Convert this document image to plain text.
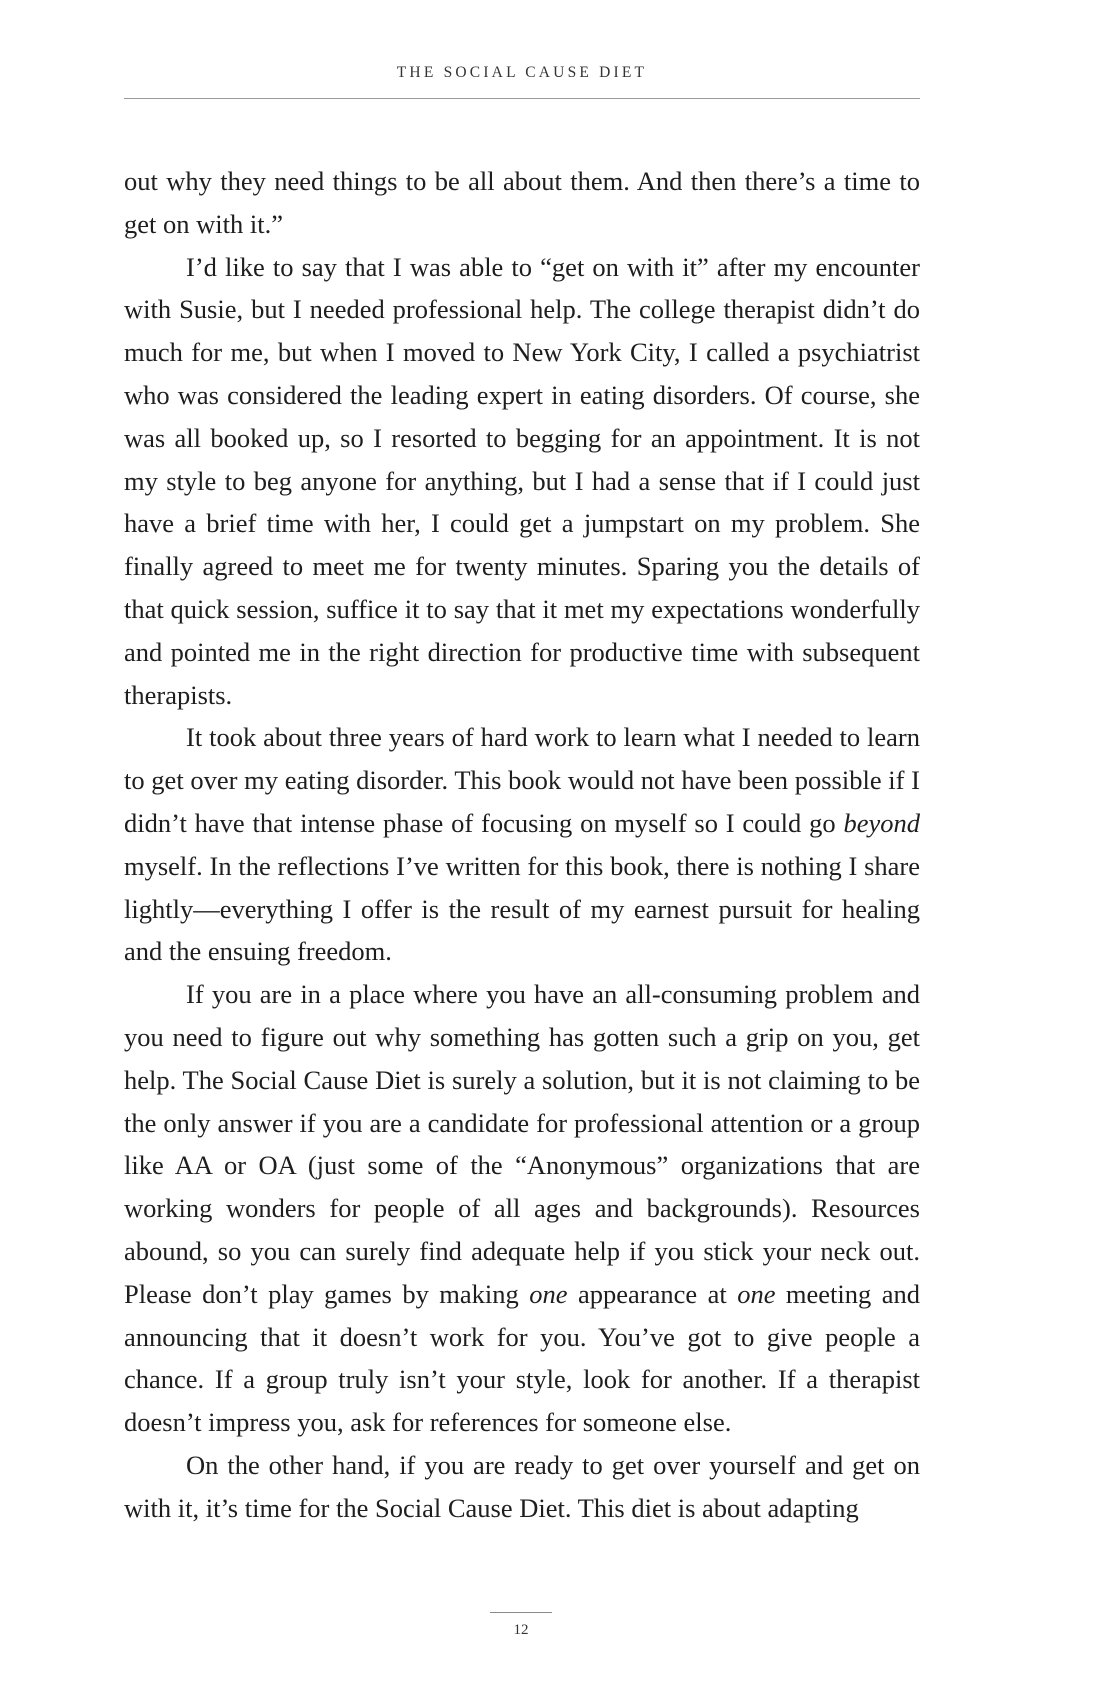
THE SOCIAL CAUSE DIET

out why they need things to be all about them. And then there’s a time to get on with it.”

I’d like to say that I was able to “get on with it” after my encounter with Susie, but I needed professional help. The college therapist didn’t do much for me, but when I moved to New York City, I called a psychiatrist who was considered the leading expert in eating disorders. Of course, she was all booked up, so I resorted to begging for an appointment. It is not my style to beg anyone for anything, but I had a sense that if I could just have a brief time with her, I could get a jumpstart on my problem. She finally agreed to meet me for twenty minutes. Sparing you the details of that quick session, suffice it to say that it met my expectations wonderfully and pointed me in the right direction for productive time with subsequent therapists.

It took about three years of hard work to learn what I needed to learn to get over my eating disorder. This book would not have been possible if I didn’t have that intense phase of focusing on myself so I could go beyond myself. In the reflections I’ve written for this book, there is nothing I share lightly—everything I offer is the result of my earnest pursuit for healing and the ensuing freedom.

If you are in a place where you have an all-consuming problem and you need to figure out why something has gotten such a grip on you, get help. The Social Cause Diet is surely a solution, but it is not claiming to be the only answer if you are a candidate for professional attention or a group like AA or OA (just some of the “Anonymous” organizations that are working wonders for people of all ages and backgrounds). Resources abound, so you can surely find adequate help if you stick your neck out. Please don’t play games by making one appearance at one meeting and announcing that it doesn’t work for you. You’ve got to give people a chance. If a group truly isn’t your style, look for another. If a therapist doesn’t impress you, ask for references for someone else.

On the other hand, if you are ready to get over yourself and get on with it, it’s time for the Social Cause Diet. This diet is about adapting

12
